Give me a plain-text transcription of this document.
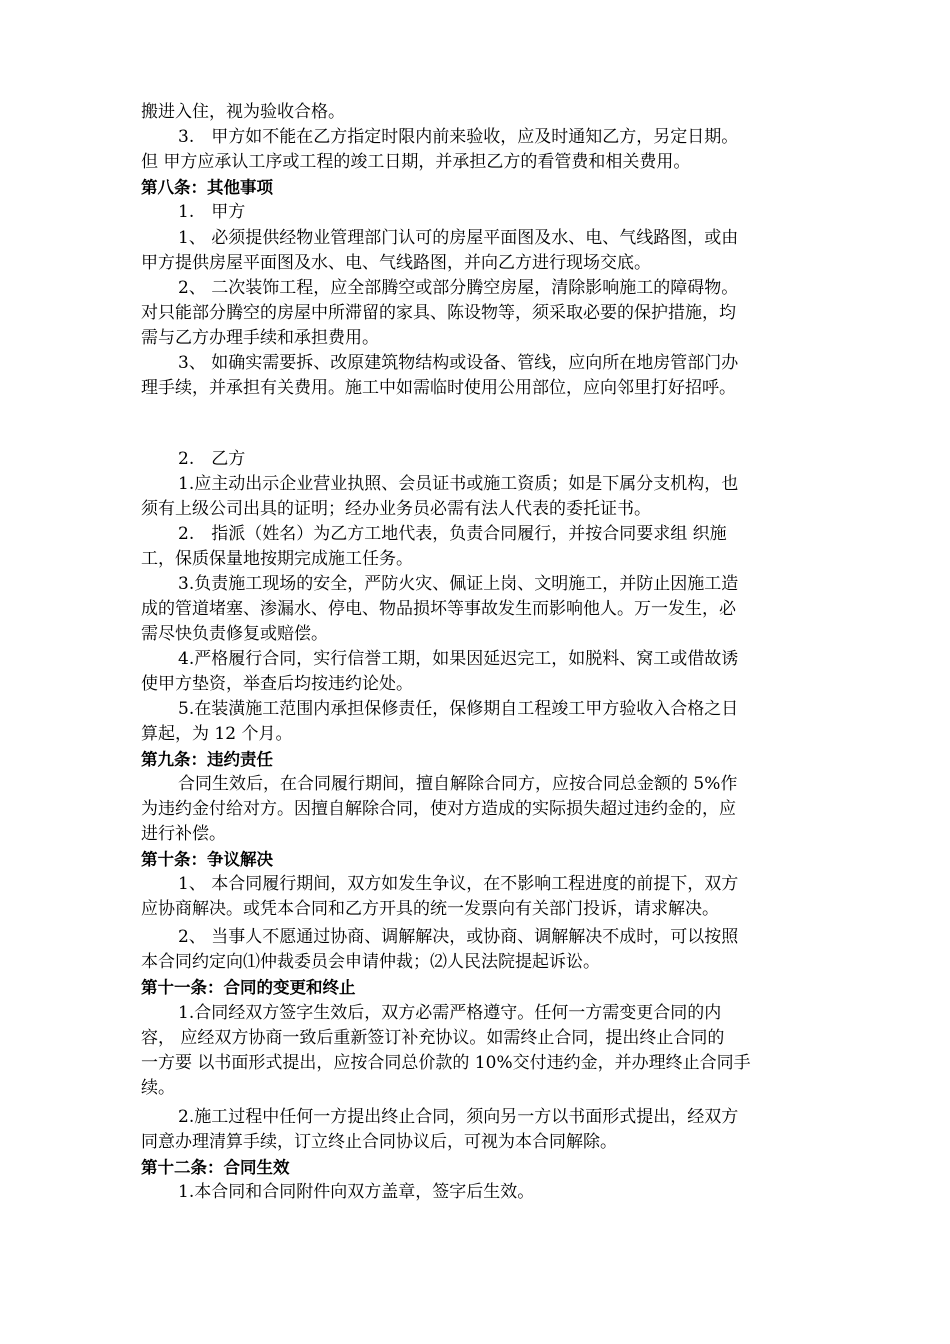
搬进入住，视为验收合格。
3.　甲方如不能在乙方指定时限内前来验收，应及时通知乙方，另定日期。
但 甲方应承认工序或工程的竣工日期，并承担乙方的看管费和相关费用。
第八条：其他事项
1.　甲方
1、 必须提供经物业管理部门认可的房屋平面图及水、电、气线路图，或由
甲方提供房屋平面图及水、电、气线路图，并向乙方进行现场交底。
2、 二次装饰工程，应全部腾空或部分腾空房屋，清除影响施工的障碍物。
对只能部分腾空的房屋中所滞留的家具、陈设物等，须采取必要的保护措施，均
需与乙方办理手续和承担费用。
3、 如确实需要拆、改原建筑物结构或设备、管线，应向所在地房管部门办
理手续，并承担有关费用。施工中如需临时使用公用部位，应向邻里打好招呼。
2.　乙方
1.应主动出示企业营业执照、会员证书或施工资质；如是下属分支机构，也
须有上级公司出具的证明；经办业务员必需有法人代表的委托证书。
2.　指派（姓名）为乙方工地代表，负责合同履行，并按合同要求组 织施
工，保质保量地按期完成施工任务。
3.负责施工现场的安全，严防火灾、佩证上岗、文明施工，并防止因施工造
成的管道堵塞、渗漏水、停电、物品损坏等事故发生而影响他人。万一发生，必
需尽快负责修复或赔偿。
4.严格履行合同，实行信誉工期，如果因延迟完工，如脱料、窝工或借故诱
使甲方垫资，举查后均按违约论处。
5.在装潢施工范围内承担保修责任，保修期自工程竣工甲方验收入合格之日
算起，为 12 个月。
第九条：违约责任
合同生效后，在合同履行期间，擅自解除合同方，应按合同总金额的 5%作
为违约金付给对方。因擅自解除合同，使对方造成的实际损失超过违约金的，应
进行补偿。
第十条：争议解决
1、 本合同履行期间，双方如发生争议，在不影响工程进度的前提下，双方
应协商解决。或凭本合同和乙方开具的统一发票向有关部门投诉，请求解决。
2、 当事人不愿通过协商、调解解决，或协商、调解解决不成时，可以按照
本合同约定向⑴仲裁委员会申请仲裁；⑵人民法院提起诉讼。
第十一条：合同的变更和终止
1.合同经双方签字生效后，双方必需严格遵守。任何一方需变更合同的内
容， 应经双方协商一致后重新签订补充协议。如需终止合同，提出终止合同的
一方要 以书面形式提出，应按合同总价款的 10%交付违约金，并办理终止合同手
续。
2.施工过程中任何一方提出终止合同，须向另一方以书面形式提出，经双方
同意办理清算手续，订立终止合同协议后，可视为本合同解除。
第十二条：合同生效
1.本合同和合同附件向双方盖章，签字后生效。
